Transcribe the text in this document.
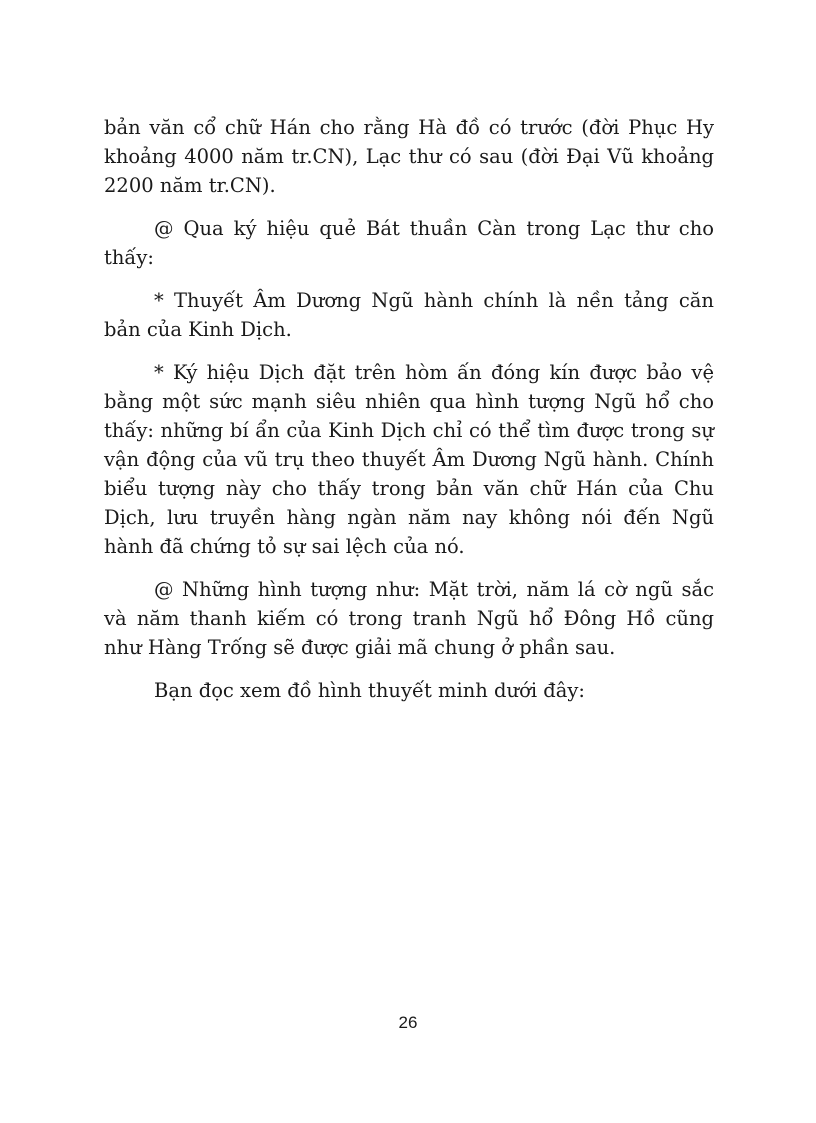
bản văn cổ chữ Hán cho rằng Hà đồ có trước (đời Phục Hy khoảng 4000 năm tr.CN), Lạc thư có sau (đời Đại Vũ khoảng 2200 năm tr.CN).

@ Qua ký hiệu quẻ Bát thuần Càn trong Lạc thư cho thấy:

* Thuyết Âm Dương Ngũ hành chính là nền tảng căn bản của Kinh Dịch.

* Ký hiệu Dịch đặt trên hòm ấn đóng kín được bảo vệ bằng một sức mạnh siêu nhiên qua hình tượng Ngũ hổ cho thấy: những bí ẩn của Kinh Dịch chỉ có thể tìm được trong sự vận động của vũ trụ theo thuyết Âm Dương Ngũ hành. Chính biểu tượng này cho thấy trong bản văn chữ Hán của Chu Dịch, lưu truyền hàng ngàn năm nay không nói đến Ngũ hành đã chứng tỏ sự sai lệch của nó.

@ Những hình tượng như: Mặt trời, năm lá cờ ngũ sắc và năm thanh kiếm có trong tranh Ngũ hổ Đông Hồ cũng như Hàng Trống sẽ được giải mã chung ở phần sau.

Bạn đọc xem đồ hình thuyết minh dưới đây:

26
